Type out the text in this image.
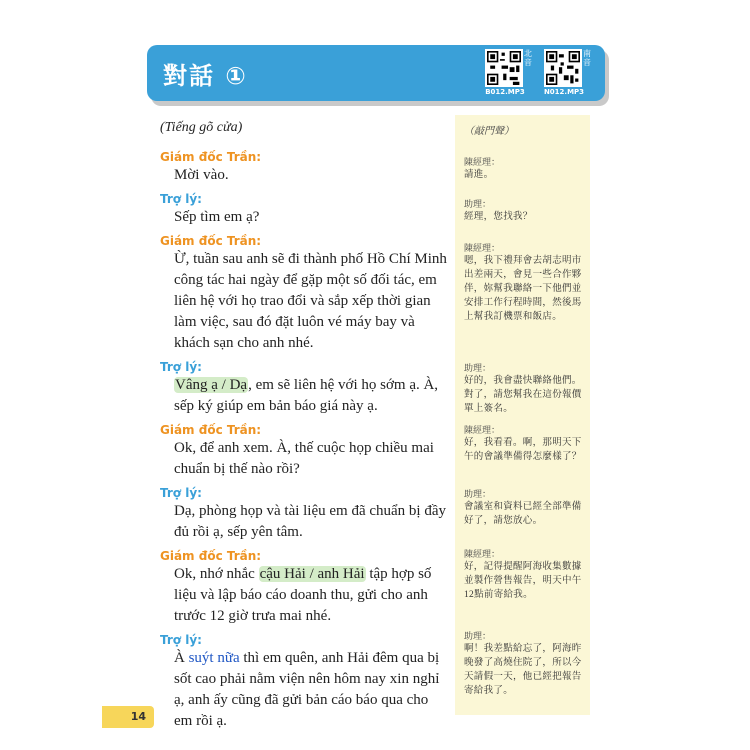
對話 ①
北音
B012.MP3
南音
N012.MP3
(Tiếng gõ cửa)
Giám đốc Trần:
Mời vào.
Trợ lý:
Sếp tìm em ạ?
Giám đốc Trần:
Ừ, tuần sau anh sẽ đi thành phố Hồ Chí Minh công tác hai ngày để gặp một số đối tác, em liên hệ với họ trao đổi và sắp xếp thời gian làm việc, sau đó đặt luôn vé máy bay và khách sạn cho anh nhé.
Trợ lý:
Vâng ạ / Dạ, em sẽ liên hệ với họ sớm ạ. À, sếp ký giúp em bản báo giá này ạ.
Giám đốc Trần:
Ok, để anh xem. À, thế cuộc họp chiều mai chuẩn bị thế nào rồi?
Trợ lý:
Dạ, phòng họp và tài liệu em đã chuẩn bị đầy đủ rồi ạ, sếp yên tâm.
Giám đốc Trần:
Ok, nhớ nhắc cậu Hải / anh Hải tập hợp số liệu và lập báo cáo doanh thu, gửi cho anh trước 12 giờ trưa mai nhé.
Trợ lý:
À suýt nữa thì em quên, anh Hải đêm qua bị sốt cao phải nằm viện nên hôm nay xin nghỉ ạ, anh ấy cũng đã gửi bản cáo báo qua cho em rồi ạ.
（敲門聲）
陳經理：
請進。
助理：
經理，您找我？
陳經理：
嗯，我下禮拜會去胡志明市出差兩天，會見一些合作夥伴，妳幫我聯絡一下他們並安排工作行程時間，然後馬上幫我訂機票和飯店。
助理：
好的，我會盡快聯絡他們。對了，請您幫我在這份報價單上簽名。
陳經理：
好，我看看。啊，那明天下午的會議準備得怎麼樣了？
助理：
會議室和資料已經全部準備好了，請您放心。
陳經理：
好，記得提醒阿海收集數據並製作營售報告，明天中午12點前寄給我。
助理：
啊！我差點給忘了，阿海昨晚發了高燒住院了，所以今天請假一天，他已經把報告寄給我了。
14
